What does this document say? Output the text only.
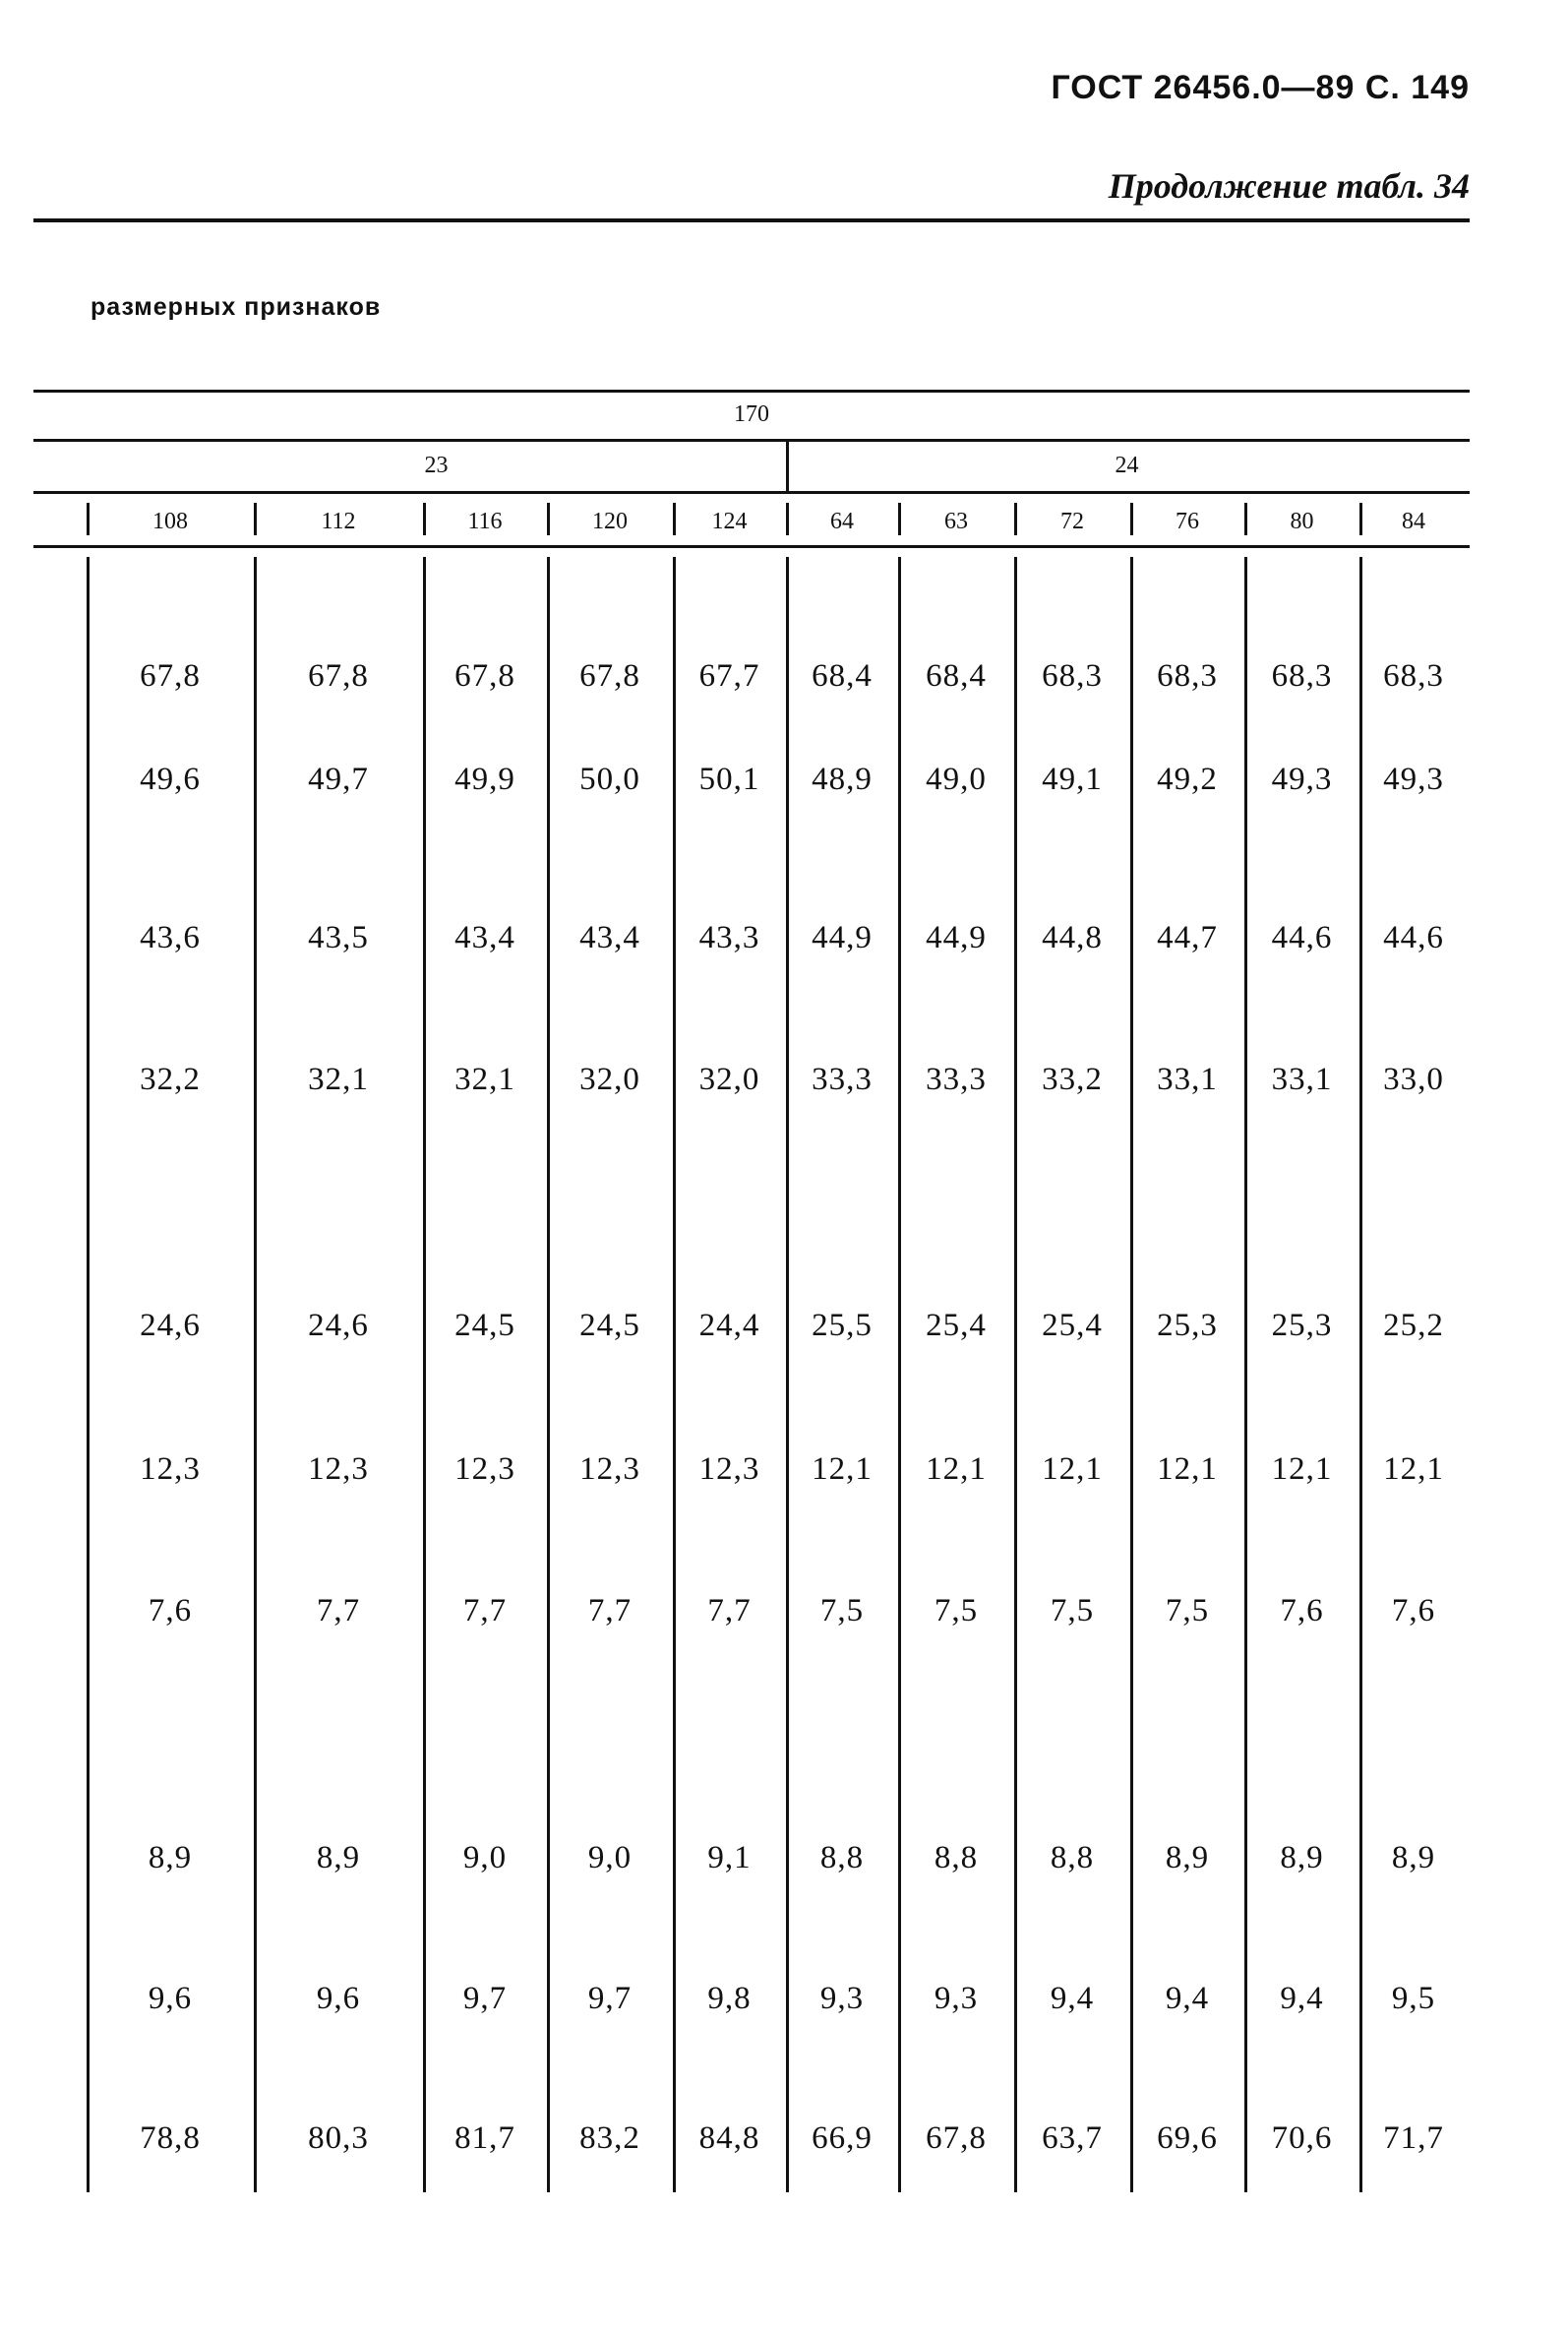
ГОСТ 26456.0—89 С. 149
Продолжение табл. 34
размерных признаков
170
23	24
108	112	116	120	124	64	63	72	76	80	84
67,8	67,8	67,8	67,8	67,7	68,4	68,4	68,3	68,3	68,3	68,3
49,6	49,7	49,9	50,0	50,1	48,9	49,0	49,1	49,2	49,3	49,3
43,6	43,5	43,4	43,4	43,3	44,9	44,9	44,8	44,7	44,6	44,6
32,2	32,1	32,1	32,0	32,0	33,3	33,3	33,2	33,1	33,1	33,0
24,6	24,6	24,5	24,5	24,4	25,5	25,4	25,4	25,3	25,3	25,2
12,3	12,3	12,3	12,3	12,3	12,1	12,1	12,1	12,1	12,1	12,1
7,6	7,7	7,7	7,7	7,7	7,5	7,5	7,5	7,5	7,6	7,6
8,9	8,9	9,0	9,0	9,1	8,8	8,8	8,8	8,9	8,9	8,9
9,6	9,6	9,7	9,7	9,8	9,3	9,3	9,4	9,4	9,4	9,5
78,8	80,3	81,7	83,2	84,8	66,9	67,8	63,7	69,6	70,6	71,7
